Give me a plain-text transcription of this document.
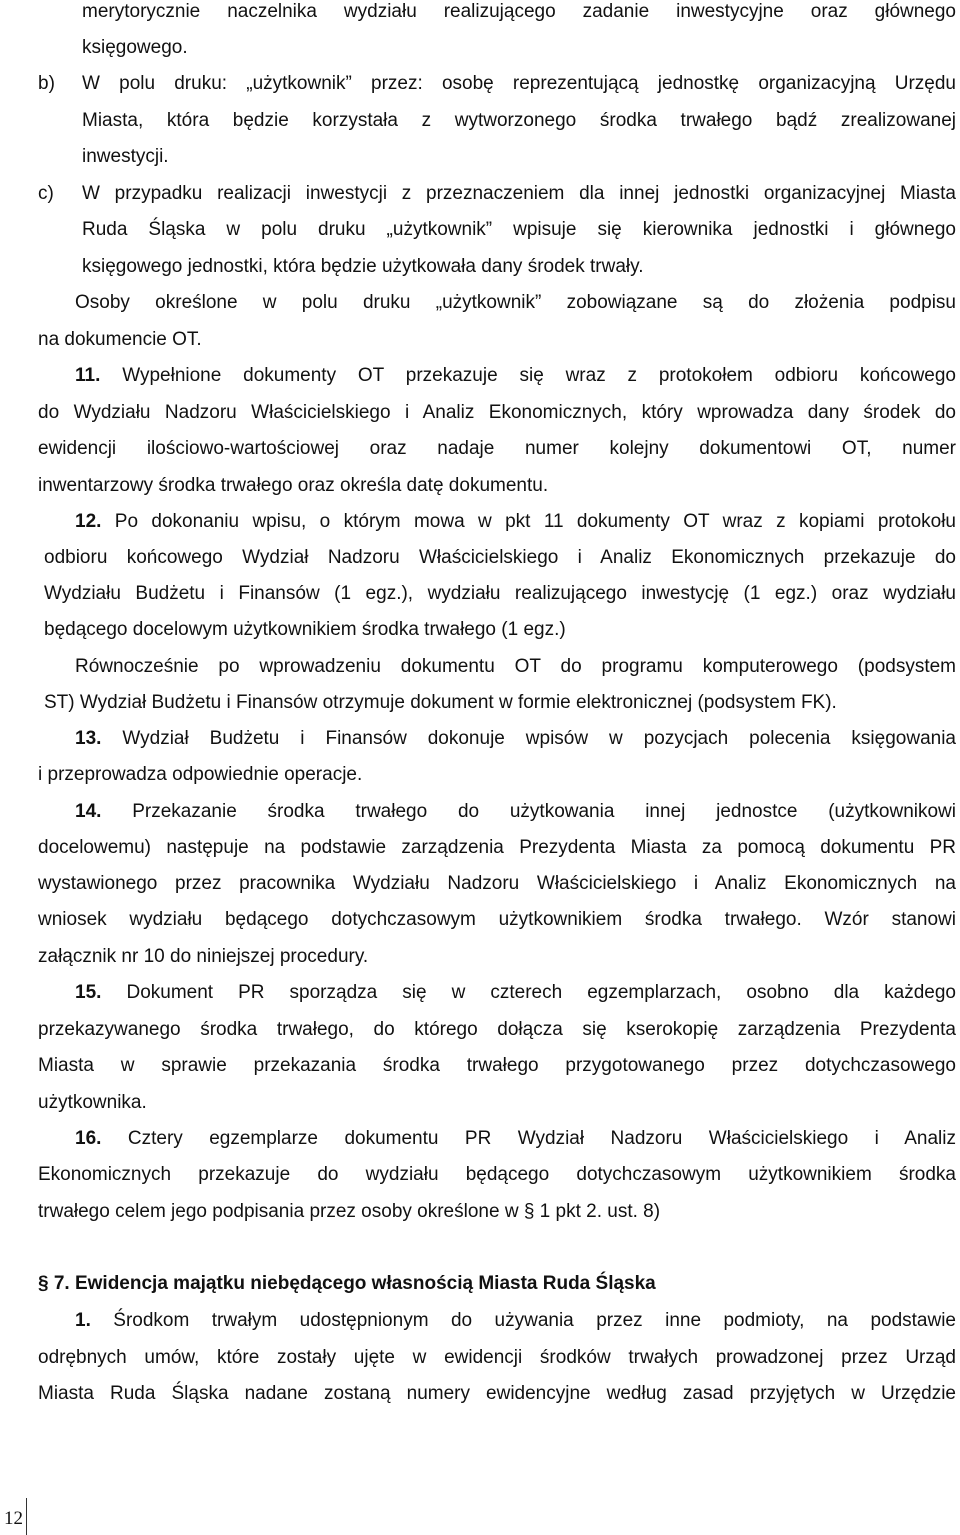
merytorycznie naczelnika wydziału realizującego zadanie inwestycyjne oraz głównego
księgowego.
b) W polu druku: „użytkownik” przez: osobę reprezentującą jednostkę organizacyjną Urzędu
Miasta, która będzie korzystała z wytworzonego środka trwałego bądź zrealizowanej
inwestycji.
c) W przypadku realizacji inwestycji z przeznaczeniem dla innej jednostki organizacyjnej Miasta
Ruda Śląska w polu druku „użytkownik” wpisuje się kierownika jednostki i głównego
księgowego jednostki, która będzie użytkowała dany środek trwały.
Osoby określone w polu druku „użytkownik” zobowiązane są do złożenia podpisu
na dokumencie OT.
11. Wypełnione dokumenty OT przekazuje się wraz z protokołem odbioru końcowego
do Wydziału Nadzoru Właścicielskiego i Analiz Ekonomicznych, który wprowadza dany środek do
ewidencji ilościowo-wartościowej oraz nadaje numer kolejny dokumentowi OT, numer
inwentarzowy środka trwałego oraz określa datę dokumentu.
12. Po dokonaniu wpisu, o którym mowa w pkt 11 dokumenty OT wraz z kopiami protokołu
odbioru końcowego Wydział Nadzoru Właścicielskiego i Analiz Ekonomicznych przekazuje do
Wydziału Budżetu i Finansów (1 egz.), wydziału realizującego inwestycję (1 egz.) oraz wydziału
będącego docelowym użytkownikiem środka trwałego (1 egz.)
Równocześnie po wprowadzeniu dokumentu OT do programu komputerowego (podsystem
ST) Wydział Budżetu i Finansów otrzymuje dokument w formie elektronicznej (podsystem FK).
13. Wydział Budżetu i Finansów dokonuje wpisów w pozycjach polecenia księgowania
i przeprowadza odpowiednie operacje.
14. Przekazanie środka trwałego do użytkowania innej jednostce (użytkownikowi
docelowemu) następuje na podstawie zarządzenia Prezydenta Miasta za pomocą dokumentu PR
wystawionego przez pracownika Wydziału Nadzoru Właścicielskiego i Analiz Ekonomicznych na
wniosek wydziału będącego dotychczasowym użytkownikiem środka trwałego. Wzór stanowi
załącznik nr 10 do niniejszej procedury.
15. Dokument PR sporządza się w czterech egzemplarzach, osobno dla każdego
przekazywanego środka trwałego, do którego dołącza się kserokopię zarządzenia Prezydenta
Miasta w sprawie przekazania środka trwałego przygotowanego przez dotychczasowego
użytkownika.
16. Cztery egzemplarze dokumentu PR Wydział Nadzoru Właścicielskiego i Analiz
Ekonomicznych przekazuje do wydziału będącego dotychczasowym użytkownikiem środka
trwałego celem jego podpisania przez osoby określone w § 1 pkt 2. ust. 8)
§ 7. Ewidencja majątku niebędącego własnością Miasta Ruda Śląska
1. Środkom trwałym udostępnionym do używania przez inne podmioty, na podstawie
odrębnych umów, które zostały ujęte w ewidencji środków trwałych prowadzonej przez Urząd
Miasta Ruda Śląska nadane zostaną numery ewidencyjne według zasad przyjętych w Urzędzie
12
